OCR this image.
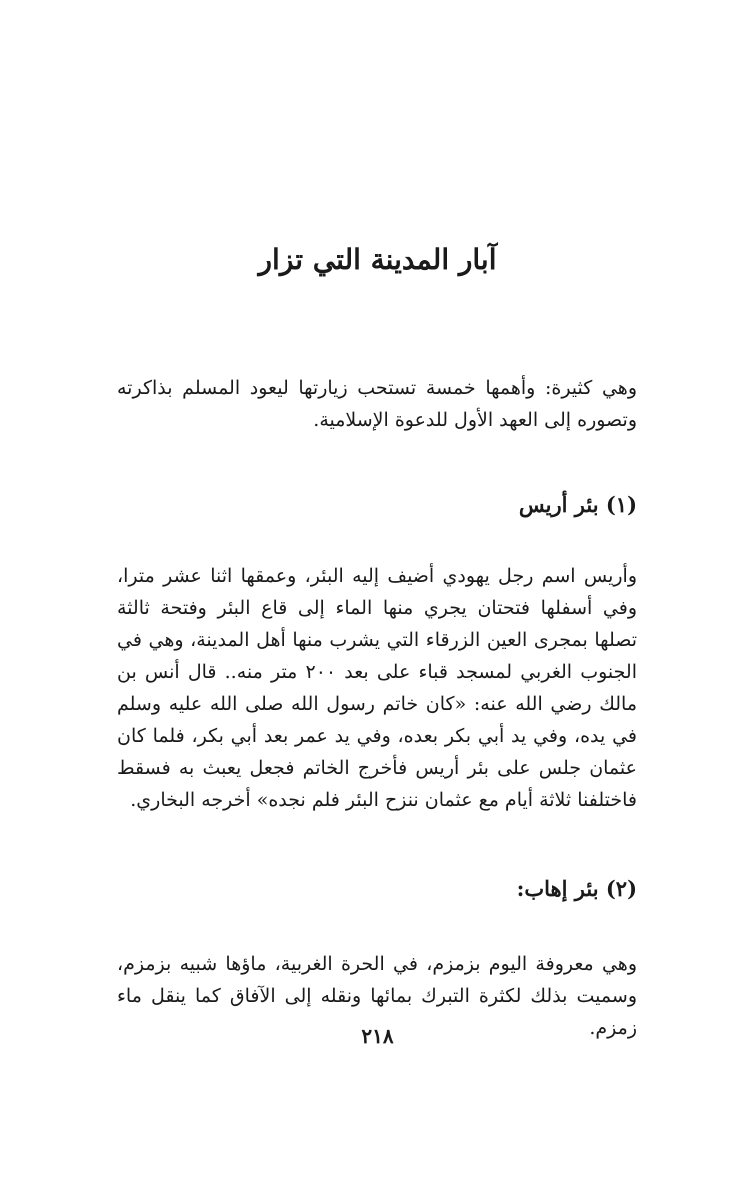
آبار المدينة التي تزار

وهي كثيرة: وأهمها خمسة تستحب زيارتها ليعود المسلم بذاكرته وتصوره إلى العهد الأول للدعوة الإسلامية.

(١) بئر أريس

وأريس اسم رجل يهودي أضيف إليه البئر، وعمقها اثنا عشر مترا، وفي أسفلها فتحتان يجري منها الماء إلى قاع البئر وفتحة ثالثة تصلها بمجرى العين الزرقاء التي يشرب منها أهل المدينة، وهي في الجنوب الغربي لمسجد قباء على بعد ٢٠٠ متر منه.. قال أنس بن مالك رضي الله عنه: «كان خاتم رسول الله صلى الله عليه وسلم في يده، وفي يد أبي بكر بعده، وفي يد عمر بعد أبي بكر، فلما كان عثمان جلس على بئر أريس فأخرج الخاتم فجعل يعبث به فسقط فاختلفنا ثلاثة أيام مع عثمان ننزح البئر فلم نجده» أخرجه البخاري.

(٢) بئر إهاب:

وهي معروفة اليوم بزمزم، في الحرة الغربية، ماؤها شبيه بزمزم، وسميت بذلك لكثرة التبرك بمائها ونقله إلى الآفاق كما ينقل ماء زمزم.

٢١٨
